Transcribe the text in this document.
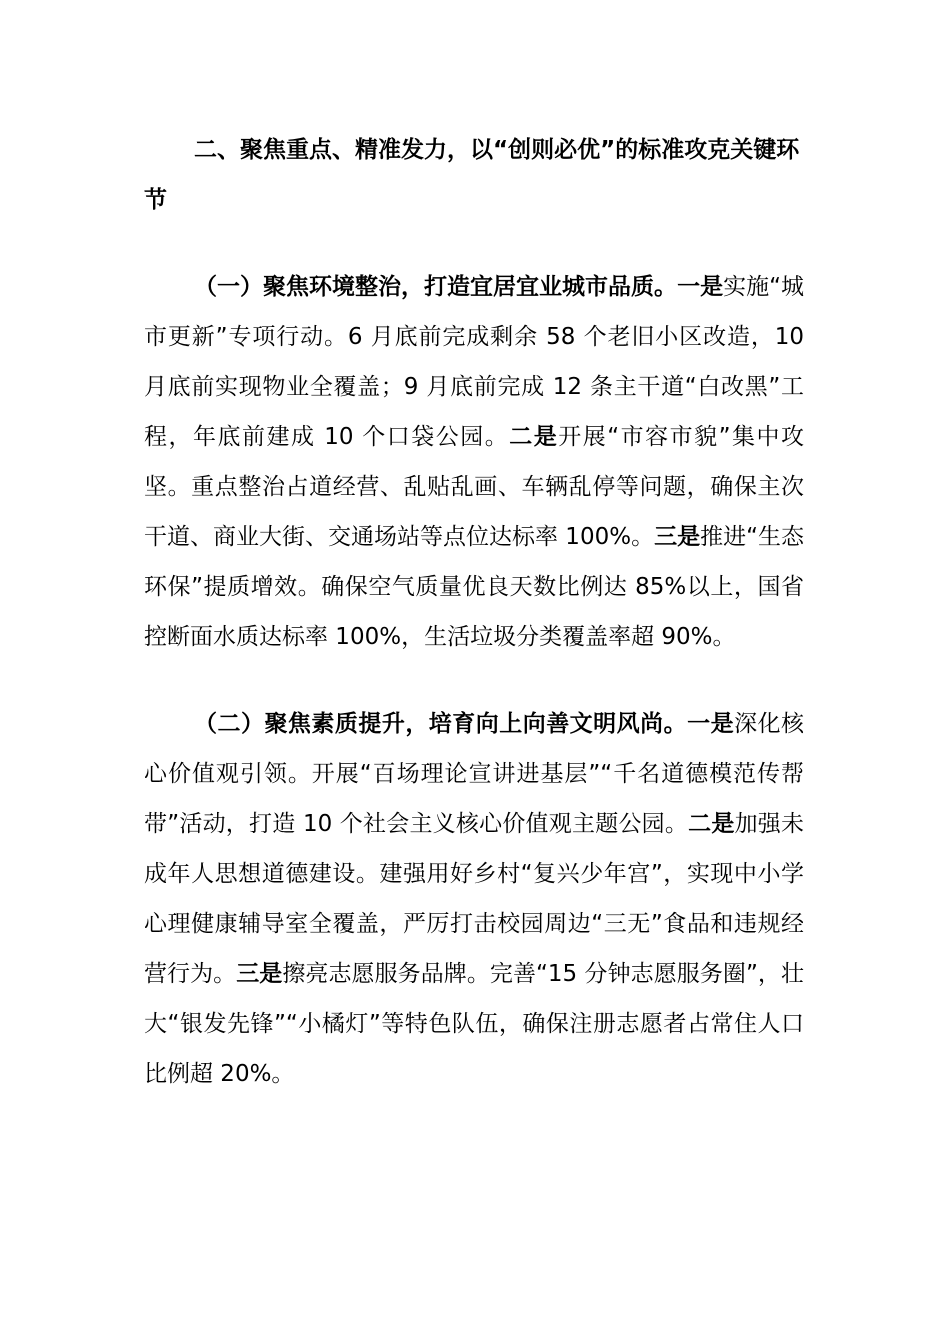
二、聚焦重点、精准发力，以“创则必优”的标准攻克关键环节

（一）聚焦环境整治，打造宜居宜业城市品质。一是实施“城市更新”专项行动。6 月底前完成剩余 58 个老旧小区改造，10 月底前实现物业全覆盖；9 月底前完成 12 条主干道“白改黑”工程，年底前建成 10 个口袋公园。二是开展“市容市貌”集中攻坚。重点整治占道经营、乱贴乱画、车辆乱停等问题，确保主次干道、商业大街、交通场站等点位达标率 100%。三是推进“生态环保”提质增效。确保空气质量优良天数比例达 85%以上，国省控断面水质达标率 100%，生活垃圾分类覆盖率超 90%。

（二）聚焦素质提升，培育向上向善文明风尚。一是深化核心价值观引领。开展“百场理论宣讲进基层”“千名道德模范传帮带”活动，打造 10 个社会主义核心价值观主题公园。二是加强未成年人思想道德建设。建强用好乡村“复兴少年宫”，实现中小学心理健康辅导室全覆盖，严厉打击校园周边“三无”食品和违规经营行为。三是擦亮志愿服务品牌。完善“15 分钟志愿服务圈”，壮大“银发先锋”“小橘灯”等特色队伍，确保注册志愿者占常住人口比例超 20%。
